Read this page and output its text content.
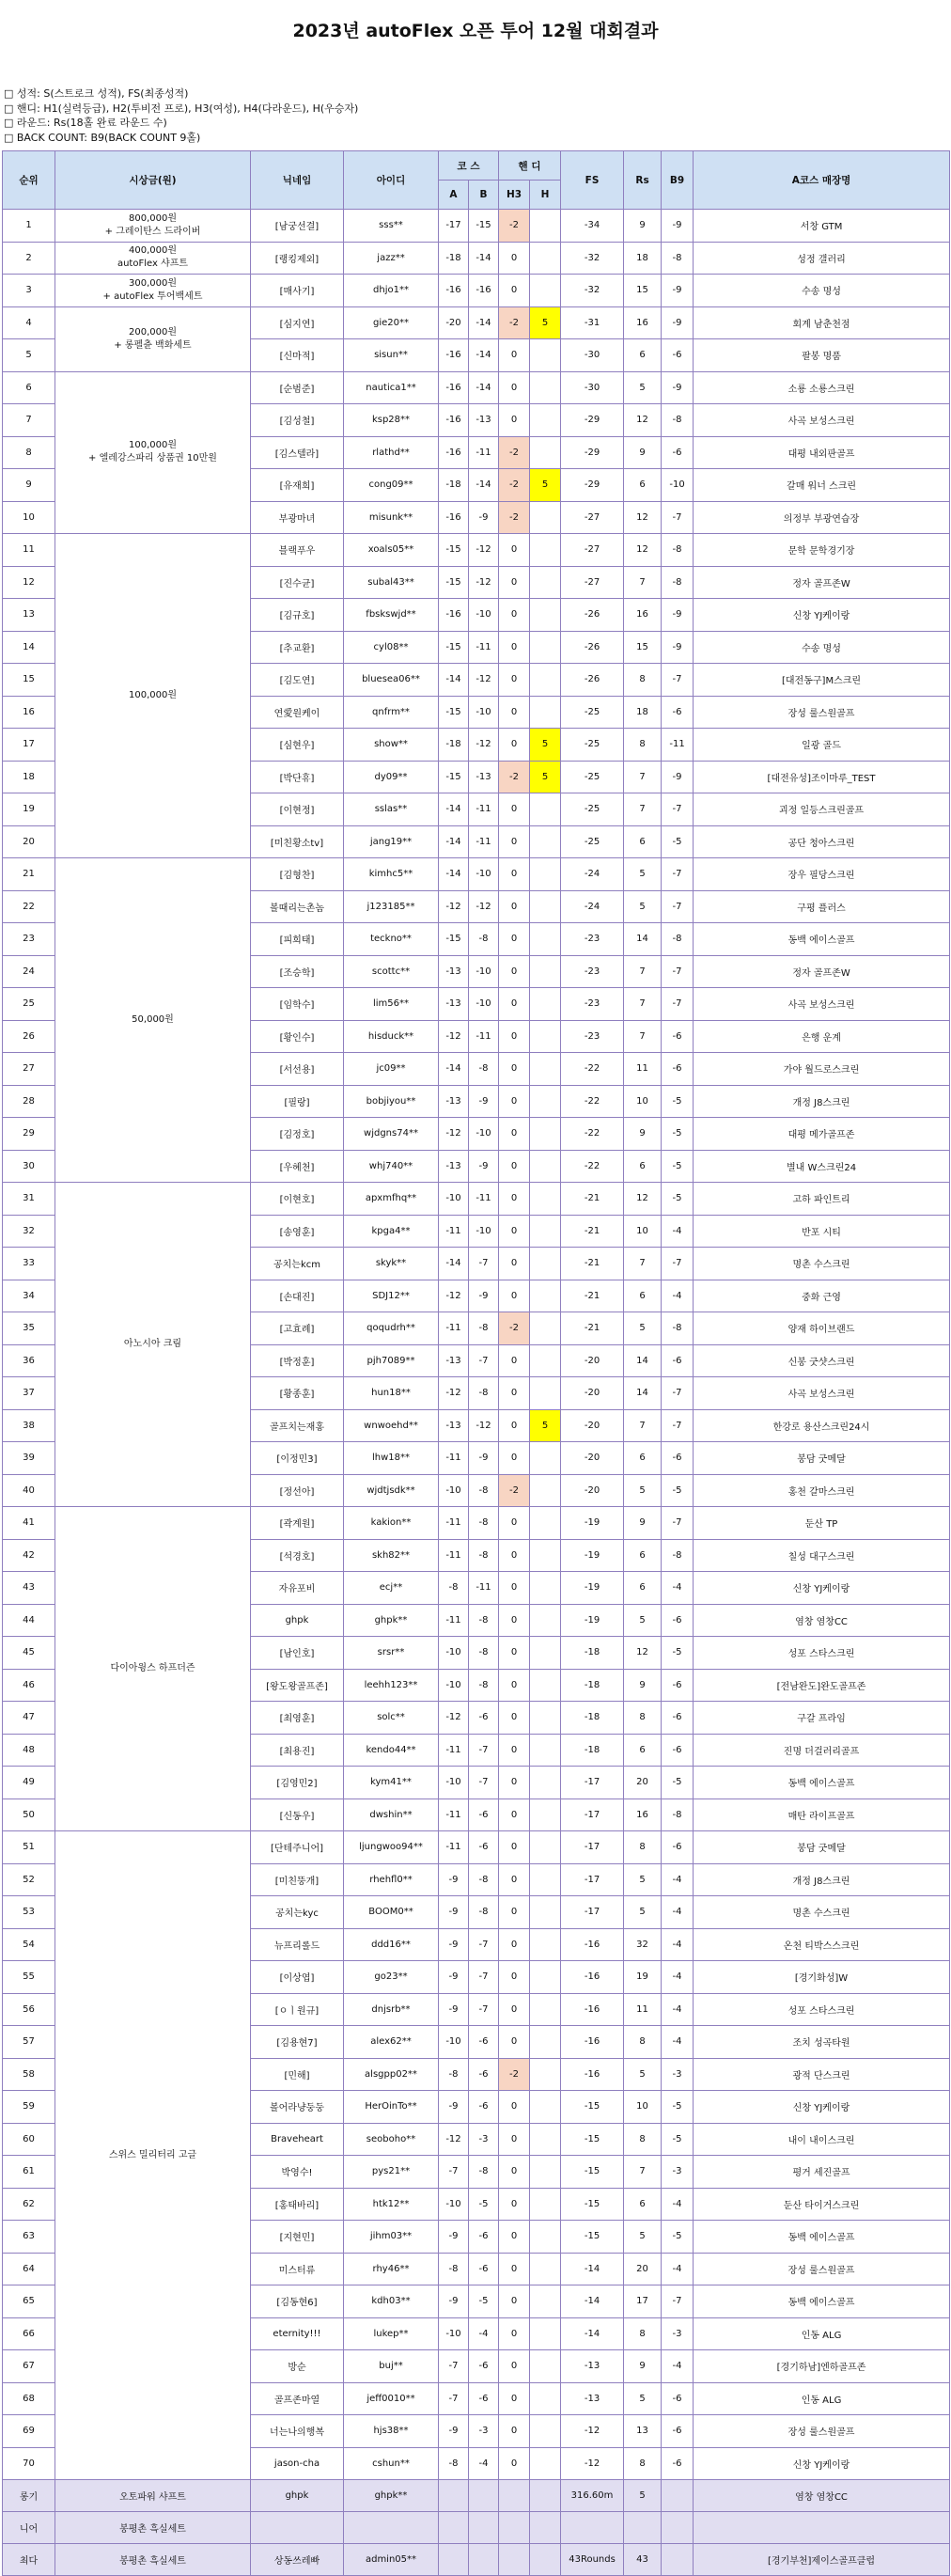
2023년 autoFlex 오픈 투어 12월 대회결과
□ 성적: S(스트로크 성적), FS(최종성적)
□ 핸디: H1(실력등급), H2(투비전 프로), H3(여성), H4(다라운드), H(우승자)
□ 라운드: Rs(18홀 완료 라운드 수)
□ BACK COUNT: B9(BACK COUNT 9홀)
순위	시상금(원)	닉네임	아이디	코 스		핸 디		FS	Rs	B9	A코스 매장명
				A	B	H3	H				
1	800,000원
+ 그레이탄스 드라이버	[남궁선결]	sss**	-17	-15	-2		-34	9	-9	서창 GTM
2	400,000원
autoFlex 샤프트	[랭킹제외]	jazz**	-18	-14	0		-32	18	-8	성정 갤러리
3	300,000원
+ autoFlex 투어백세트	[매사기]	dhjo1**	-16	-16	0		-32	15	-9	수송 명성
4	200,000원
+ 롱펠츈 백화세트	[심지연]	gie20**	-20	-14	-2	5	-31	16	-9	회계 남춘천점
5		[신마적]	sisun**	-16	-14	0		-30	6	-6	팔봉 명품
6	100,000원
+ 엘레강스파리 상품권 10만원	[순범준]	nautica1**	-16	-14	0		-30	5	-9	소룡 소룡스크린
7		[김성철]	ksp28**	-16	-13	0		-29	12	-8	사곡 보성스크린
8		[김스텔라]	rlathd**	-16	-11	-2		-29	9	-6	대평 내외판골프
9		[유재희]	cong09**	-18	-14	-2	5	-29	6	-10	갈매 워너 스크린
10		부광마녀	misunk**	-16	-9	-2		-27	12	-7	의정부 부광연습장
11	100,000원	블랙푸우	xoals05**	-15	-12	0		-27	12	-8	문학 문학경기장
12		[진수균]	subal43**	-15	-12	0		-27	7	-8	정자 골프존W
13		[김규호]	fbskswjd**	-16	-10	0		-26	16	-9	신창 YJ케이랑
14		[추교환]	cyl08**	-15	-11	0		-26	15	-9	수송 명성
15		[김도연]	bluesea06**	-14	-12	0		-26	8	-7	[대전동구]M스크린
16		연愛원케이	qnfrm**	-15	-10	0		-25	18	-6	장성 룰스원골프
17		[심현우]	show**	-18	-12	0	5	-25	8	-11	일광 골드
18		[박단휴]	dy09**	-15	-13	-2	5	-25	7	-9	[대전유성]조이마루_TEST
19		[이현정]	sslas**	-14	-11	0		-25	7	-7	괴정 일등스크린골프
20		[미친황소tv]	jang19**	-14	-11	0		-25	6	-5	공단 청아스크린
21	50,000원	[김형찬]	kimhc5**	-14	-10	0		-24	5	-7	장우 필당스크린
22		볼때리는촌놈	j123185**	-12	-12	0		-24	5	-7	구평 플러스
23		[피희태]	teckno**	-15	-8	0		-23	14	-8	동백 에이스골프
24		[조승학]	scottc**	-13	-10	0		-23	7	-7	정자 골프존W
25		[임학수]	lim56**	-13	-10	0		-23	7	-7	사곡 보성스크린
26		[황인수]	hisduck**	-12	-11	0		-23	7	-6	은행 운계
27		[서선용]	jc09**	-14	-8	0		-22	11	-6	가야 월드로스크린
28		[필랑]	bobjiyou**	-13	-9	0		-22	10	-5	개정 J8스크린
29		[김정호]	wjdgns74**	-12	-10	0		-22	9	-5	대평 메가골프존
30		[우혜천]	whj740**	-13	-9	0		-22	6	-5	별내 W스크린24
31	아노시아 크림	[이현호]	apxmfhq**	-10	-11	0		-21	12	-5	고하 파인트리
32		[송영훈]	kpga4**	-11	-10	0		-21	10	-4	반포 시티
33		공치는kcm	skyk**	-14	-7	0		-21	7	-7	명촌 수스크린
34		[손대진]	SDJ12**	-12	-9	0		-21	6	-4	중화 근영
35		[고효례]	qoqudrh**	-11	-8	-2		-21	5	-8	양재 하이브랜드
36		[박정훈]	pjh7089**	-13	-7	0		-20	14	-6	신봉 굿샷스크린
37		[황종훈]	hun18**	-12	-8	0		-20	14	-7	사곡 보성스크린
38		골프치는재홍	wnwoehd**	-13	-12	0	5	-20	7	-7	한강로 용산스크린24시
39		[이정민3]	lhw18**	-11	-9	0		-20	6	-6	봉담 굿메달
40		[정선아]	wjdtjsdk**	-10	-8	-2		-20	5	-5	홍천 갈마스크린
41	다이아윙스 하프더즌	[곽계원]	kakion**	-11	-8	0		-19	9	-7	둔산 TP
42		[석경호]	skh82**	-11	-8	0		-19	6	-8	칠성 대구스크린
43		자유포비	ecj**	-8	-11	0		-19	6	-4	신창 YJ케이랑
44		ghpk	ghpk**	-11	-8	0		-19	5	-6	염창 염창CC
45		[남인호]	srsr**	-10	-8	0		-18	12	-5	성포 스타스크린
46		[왕도왕골프존]	leehh123**	-10	-8	0		-18	9	-6	[전남완도]완도골프존
47		[최영훈]	solc**	-12	-6	0		-18	8	-6	구갈 프라임
48		[최용진]	kendo44**	-11	-7	0		-18	6	-6	진명 더걸러리골프
49		[김영민2]	kym41**	-10	-7	0		-17	20	-5	동백 에이스골프
50		[신동우]	dwshin**	-11	-6	0		-17	16	-8	매탄 라이프골프
51	스위스 밀리터리 고글	[단테주니어]	ljungwoo94**	-11	-6	0		-17	8	-6	봉담 굿메달
52		[미친뚱개]	rhehfl0**	-9	-8	0		-17	5	-4	개정 J8스크린
53		공치는kyc	BOOM0**	-9	-8	0		-17	5	-4	명촌 수스크린
54		뉴프리롤드	ddd16**	-9	-7	0		-16	32	-4	온천 티박스스크린
55		[이상엽]	go23**	-9	-7	0		-16	19	-4	[경기화성]W
56		[ㅇㅣ원규]	dnjsrb**	-9	-7	0		-16	11	-4	성포 스타스크린
57		[김용현7]	alex62**	-10	-6	0		-16	8	-4	조치 성곡타원
58		[민해]	alsgpp02**	-8	-6	-2		-16	5	-3	광적 단스크린
59		볼어라냥둥둥	HerOinTo**	-9	-6	0		-15	10	-5	신창 YJ케이랑
60		Braveheart	seoboho**	-12	-3	0		-15	8	-5	내이 내이스크린
61		박영수!	pys21**	-7	-8	0		-15	7	-3	평거 세진골프
62		[홍태바리]	htk12**	-10	-5	0		-15	6	-4	둔산 타이거스크린
63		[지현민]	jihm03**	-9	-6	0		-15	5	-5	동백 에이스골프
64		미스터류	rhy46**	-8	-6	0		-14	20	-4	장성 룰스원골프
65		[김동현6]	kdh03**	-9	-5	0		-14	17	-7	동백 에이스골프
66		eternity!!!	lukep**	-10	-4	0		-14	8	-3	인동 ALG
67		방순	buj**	-7	-6	0		-13	9	-4	[경기하남]엔하골프존
68		골프존마열	jeff0010**	-7	-6	0		-13	5	-6	인동 ALG
69		너는나의행복	hjs38**	-9	-3	0		-12	13	-6	장성 룰스원골프
70		jason-cha	cshun**	-8	-4	0		-12	8	-6	신창 YJ케이랑
롱기	오토파워 샤프트	ghpk	ghpk**					316.60m	5		염창 염창CC
니어	봉평촌 흑실세트										
최다	봉평촌 흑실세트	상동쓰레빠	admin05**					43Rounds	43		[경기부천]제이스골프클럽
